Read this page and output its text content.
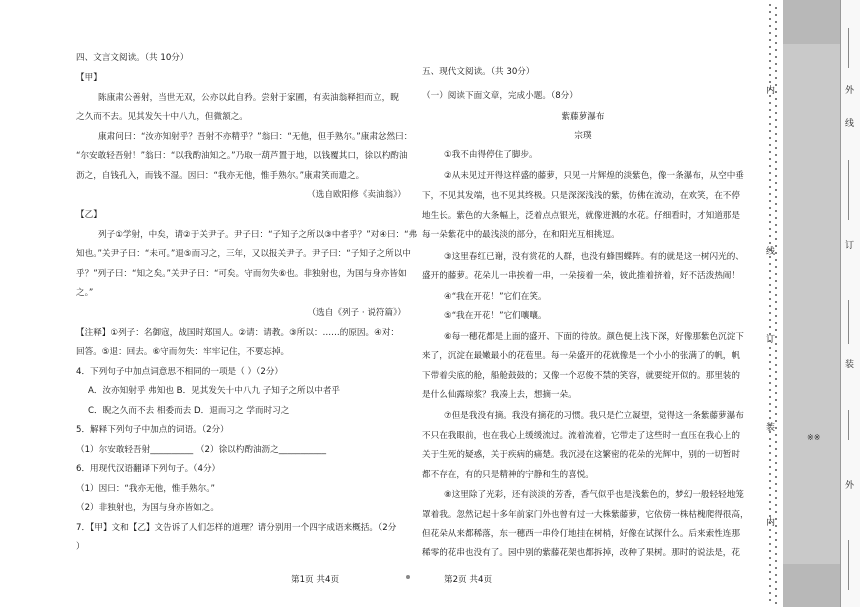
四、文言文阅读。（共 10分）

【甲】

陈康肃公善射，当世无双，公亦以此自矜。尝射于家圃，有卖油翁释担而立，睨

之久而不去。见其发矢十中八九，但微颔之。

康肃问曰：“汝亦知射乎？吾射不亦精乎？”翁曰：“无他，但手熟尔。”康肃忿然曰：

“尔安敢轻吾射！”翁曰：“以我酌油知之。”乃取一葫芦置于地，以钱覆其口，徐以杓酌油

沥之，自钱孔入，而钱不湿。因曰：“我亦无他，惟手熟尔。”康肃笑而遣之。

（选自欧阳修《卖油翁》）

【乙】

列子①学射，中矣，请②于关尹子。尹子曰：“子知子之所以③中者乎？”对④曰：“弗

知也。”关尹子曰：“未可。”退⑤而习之，三年，又以报关尹子。尹子曰：“子知子之所以中

乎？”列子曰：“知之矣。”关尹子曰：“可矣。守而勿失⑥也。非独射也，为国与身亦皆如

之。”

（选自《列子 · 说符篇》）

【注释】①列子：名御寇，战国时郑国人。②请：请教。③所以：……的原因。④对：

回答。⑤退：回去。⑥守而勿失：牢牢记住，不要忘掉。

4．下列句子中加点词意思不相同的一项是（ ）（2分）

A．汝亦知射乎 弗知也 B．见其发矢十中八九 子知子之所以中者乎

C．睨之久而不去 相委而去 D．退而习之 学而时习之

5．解释下列句子中加点的词语。（2分）

（1）尔安敢轻吾射__________ （2）徐以杓酌油沥之___________

6．用现代汉语翻译下列句子。（4分）

（1）因曰：“我亦无他，惟手熟尔。”

（2）非独射也，为国与身亦皆如之。

7．【甲】文和【乙】文告诉了人们怎样的道理？请分别用一个四字成语来概括。（2分

）

五、现代文阅读。（共 30分）

（一）阅读下面文章，完成小题。（8分）

紫藤萝瀑布

宗璞

①我不由得停住了脚步。

②从未见过开得这样盛的藤萝，只见一片辉煌的淡紫色，像一条瀑布，从空中垂

下，不见其发端，也不见其终极。只是深深浅浅的紫，仿佛在流动，在欢笑，在不停

地生长。紫色的大条幅上，泛着点点银光，就像迸溅的水花。仔细看时，才知道那是

每一朵紫花中的最浅淡的部分，在和阳光互相挑逗。

③这里春红已谢，没有赏花的人群，也没有蜂围蝶阵。有的就是这一树闪光的、

盛开的藤萝。花朵儿一串挨着一串，一朵接着一朵，彼此推着挤着，好不活泼热闹！

④“我在开花！”它们在笑。

⑤“我在开花！”它们嚷嚷。

⑥每一穗花都是上面的盛开、下面的待放。颜色便上浅下深，好像那紫色沉淀下

来了，沉淀在最嫩最小的花苞里。每一朵盛开的花就像是一个小小的张满了的帆，帆

下带着尖底的舱，船舱鼓鼓的；又像一个忍俊不禁的笑容，就要绽开似的。那里装的

是什么仙露琼浆？我凑上去，想摘一朵。

⑦但是我没有摘。我没有摘花的习惯。我只是伫立凝望，觉得这一条紫藤萝瀑布

不只在我眼前，也在我心上缓缓流过。流着流着，它带走了这些时一直压在我心上的

关于生死的疑惑，关于疾病的痛楚。我沉浸在这繁密的花朵的光辉中，别的一切暂时

都不存在，有的只是精神的宁静和生的喜悦。

⑧这里除了光彩，还有淡淡的芳香，香气似乎也是浅紫色的，梦幻一般轻轻地笼

罩着我。忽然记起十多年前家门外也曾有过一大株紫藤萝，它依傍一株枯槐爬得很高，

但花朵从来都稀落，东一穗西一串伶仃地挂在树梢，好像在试探什么。后来索性连那

稀零的花串也没有了。园中别的紫藤花架也都拆掉，改种了果树。那时的说法是，花

第1页 共4页	第2页 共4页
内
线
订
装
内
※※
外
线
订
装
外
